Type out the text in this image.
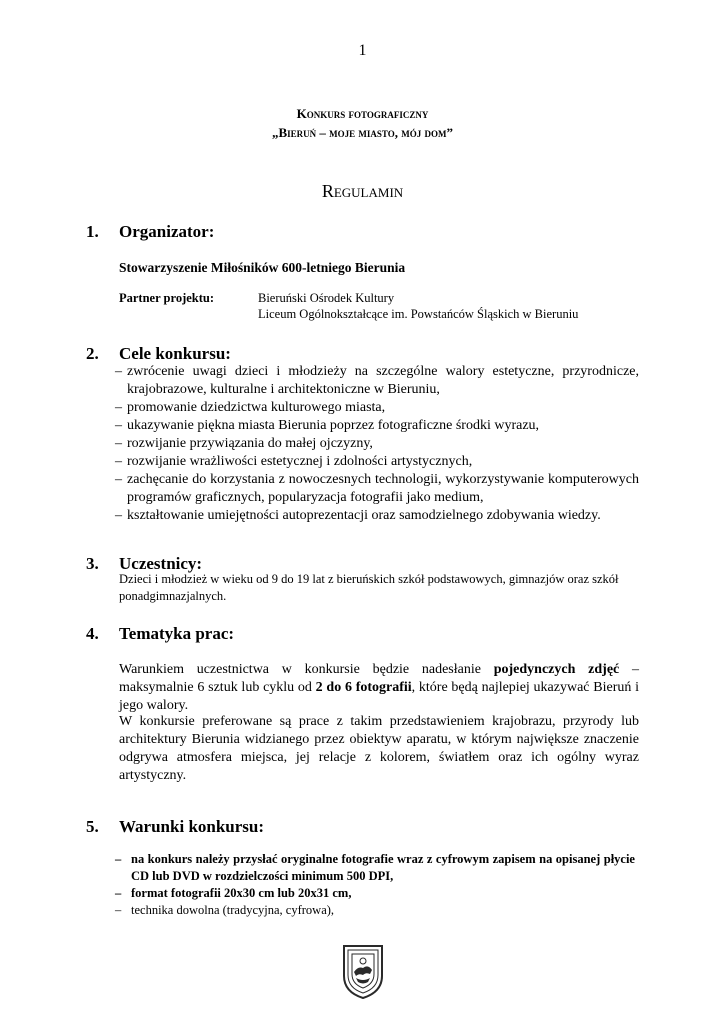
1
Konkurs fotograficzny
„Bieruń – moje miasto, mój dom”
Regulamin
1. Organizator:
Stowarzyszenie Miłośników 600-letniego Bierunia
Partner projektu:	Bieruński Ośrodek Kultury
Liceum Ogólnokształcące im. Powstańców Śląskich w Bieruniu
2. Cele konkursu:
– zwrócenie uwagi dzieci i młodzieży na szczególne walory estetyczne, przyrodnicze, krajobrazowe, kulturalne i architektoniczne w Bieruniu,
– promowanie dziedzictwa kulturowego miasta,
– ukazywanie piękna miasta Bierunia poprzez fotograficzne środki wyrazu,
– rozwijanie przywiązania do małej ojczyzny,
– rozwijanie wrażliwości estetycznej i zdolności artystycznych,
– zachęcanie do korzystania z nowoczesnych technologii, wykorzystywanie komputerowych programów graficznych, popularyzacja fotografii jako medium,
– kształtowanie umiejętności autoprezentacji oraz samodzielnego zdobywania wiedzy.
3. Uczestnicy:
Dzieci i młodzież w wieku od 9 do 19 lat z bieruńskich szkół podstawowych, gimnazjów oraz szkół ponadgimnazjalnych.
4. Tematyka prac:
Warunkiem uczestnictwa w konkursie będzie nadesłanie pojedynczych zdjęć – maksymalnie 6 sztuk lub cyklu od 2 do 6 fotografii, które będą najlepiej ukazywać Bieruń i jego walory.
W konkursie preferowane są prace z takim przedstawieniem krajobrazu, przyrody lub architektury Bierunia widzianego przez obiektyw aparatu, w którym największe znaczenie odgrywa atmosfera miejsca, jej relacje z kolorem, światłem oraz ich ogólny wyraz artystyczny.
5. Warunki konkursu:
– na konkurs należy przysłać oryginalne fotografie wraz z cyfrowym zapisem na opisanej płycie CD lub DVD w rozdzielczości minimum 500 DPI,
– format fotografii 20x30 cm lub 20x31 cm,
– technika dowolna (tradycyjna, cyfrowa),
